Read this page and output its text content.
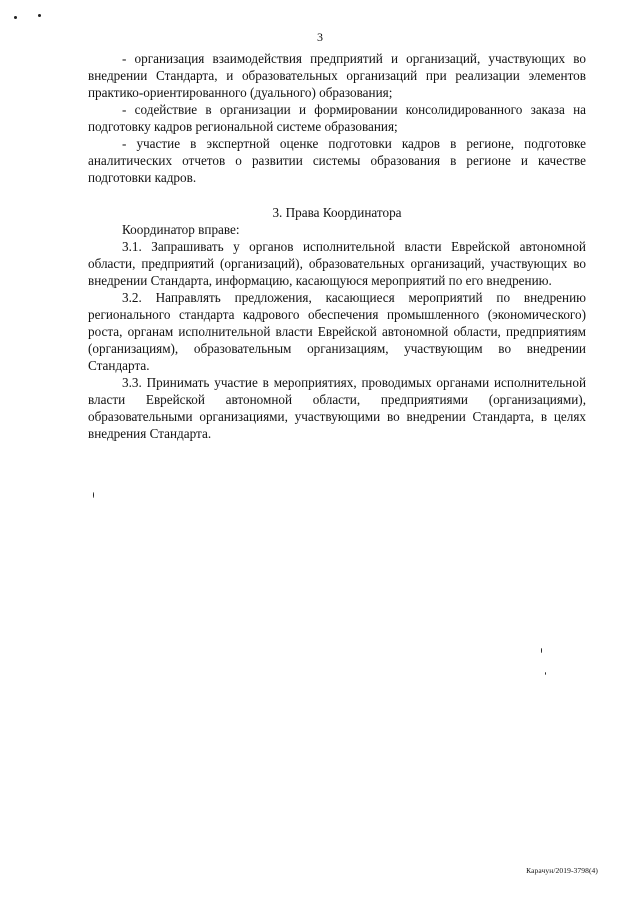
3

- организация взаимодействия предприятий и организаций, участвующих во внедрении Стандарта, и образовательных организаций при реализации элементов практико-ориентированного (дуального) образования;

- содействие в организации и формировании консолидированного заказа на подготовку кадров региональной системе образования;

- участие в экспертной оценке подготовки кадров в регионе, подготовке аналитических отчетов о развитии системы образования в регионе и качестве подготовки кадров.

3. Права Координатора

Координатор вправе:

3.1. Запрашивать у органов исполнительной власти Еврейской автономной области, предприятий (организаций), образовательных организаций, участвующих во внедрении Стандарта, информацию, касающуюся мероприятий по его внедрению.

3.2. Направлять предложения, касающиеся мероприятий по внедрению регионального стандарта кадрового обеспечения промышленного (экономического) роста, органам исполнительной власти Еврейской автономной области, предприятиям (организациям), образовательным организациям, участвующим во внедрении Стандарта.

3.3. Принимать участие в мероприятиях, проводимых органами исполнительной власти Еврейской автономной области, предприятиями (организациями), образовательными организациями, участвующими во внедрении Стандарта, в целях внедрения Стандарта.

Карачун/2019-3798(4)
